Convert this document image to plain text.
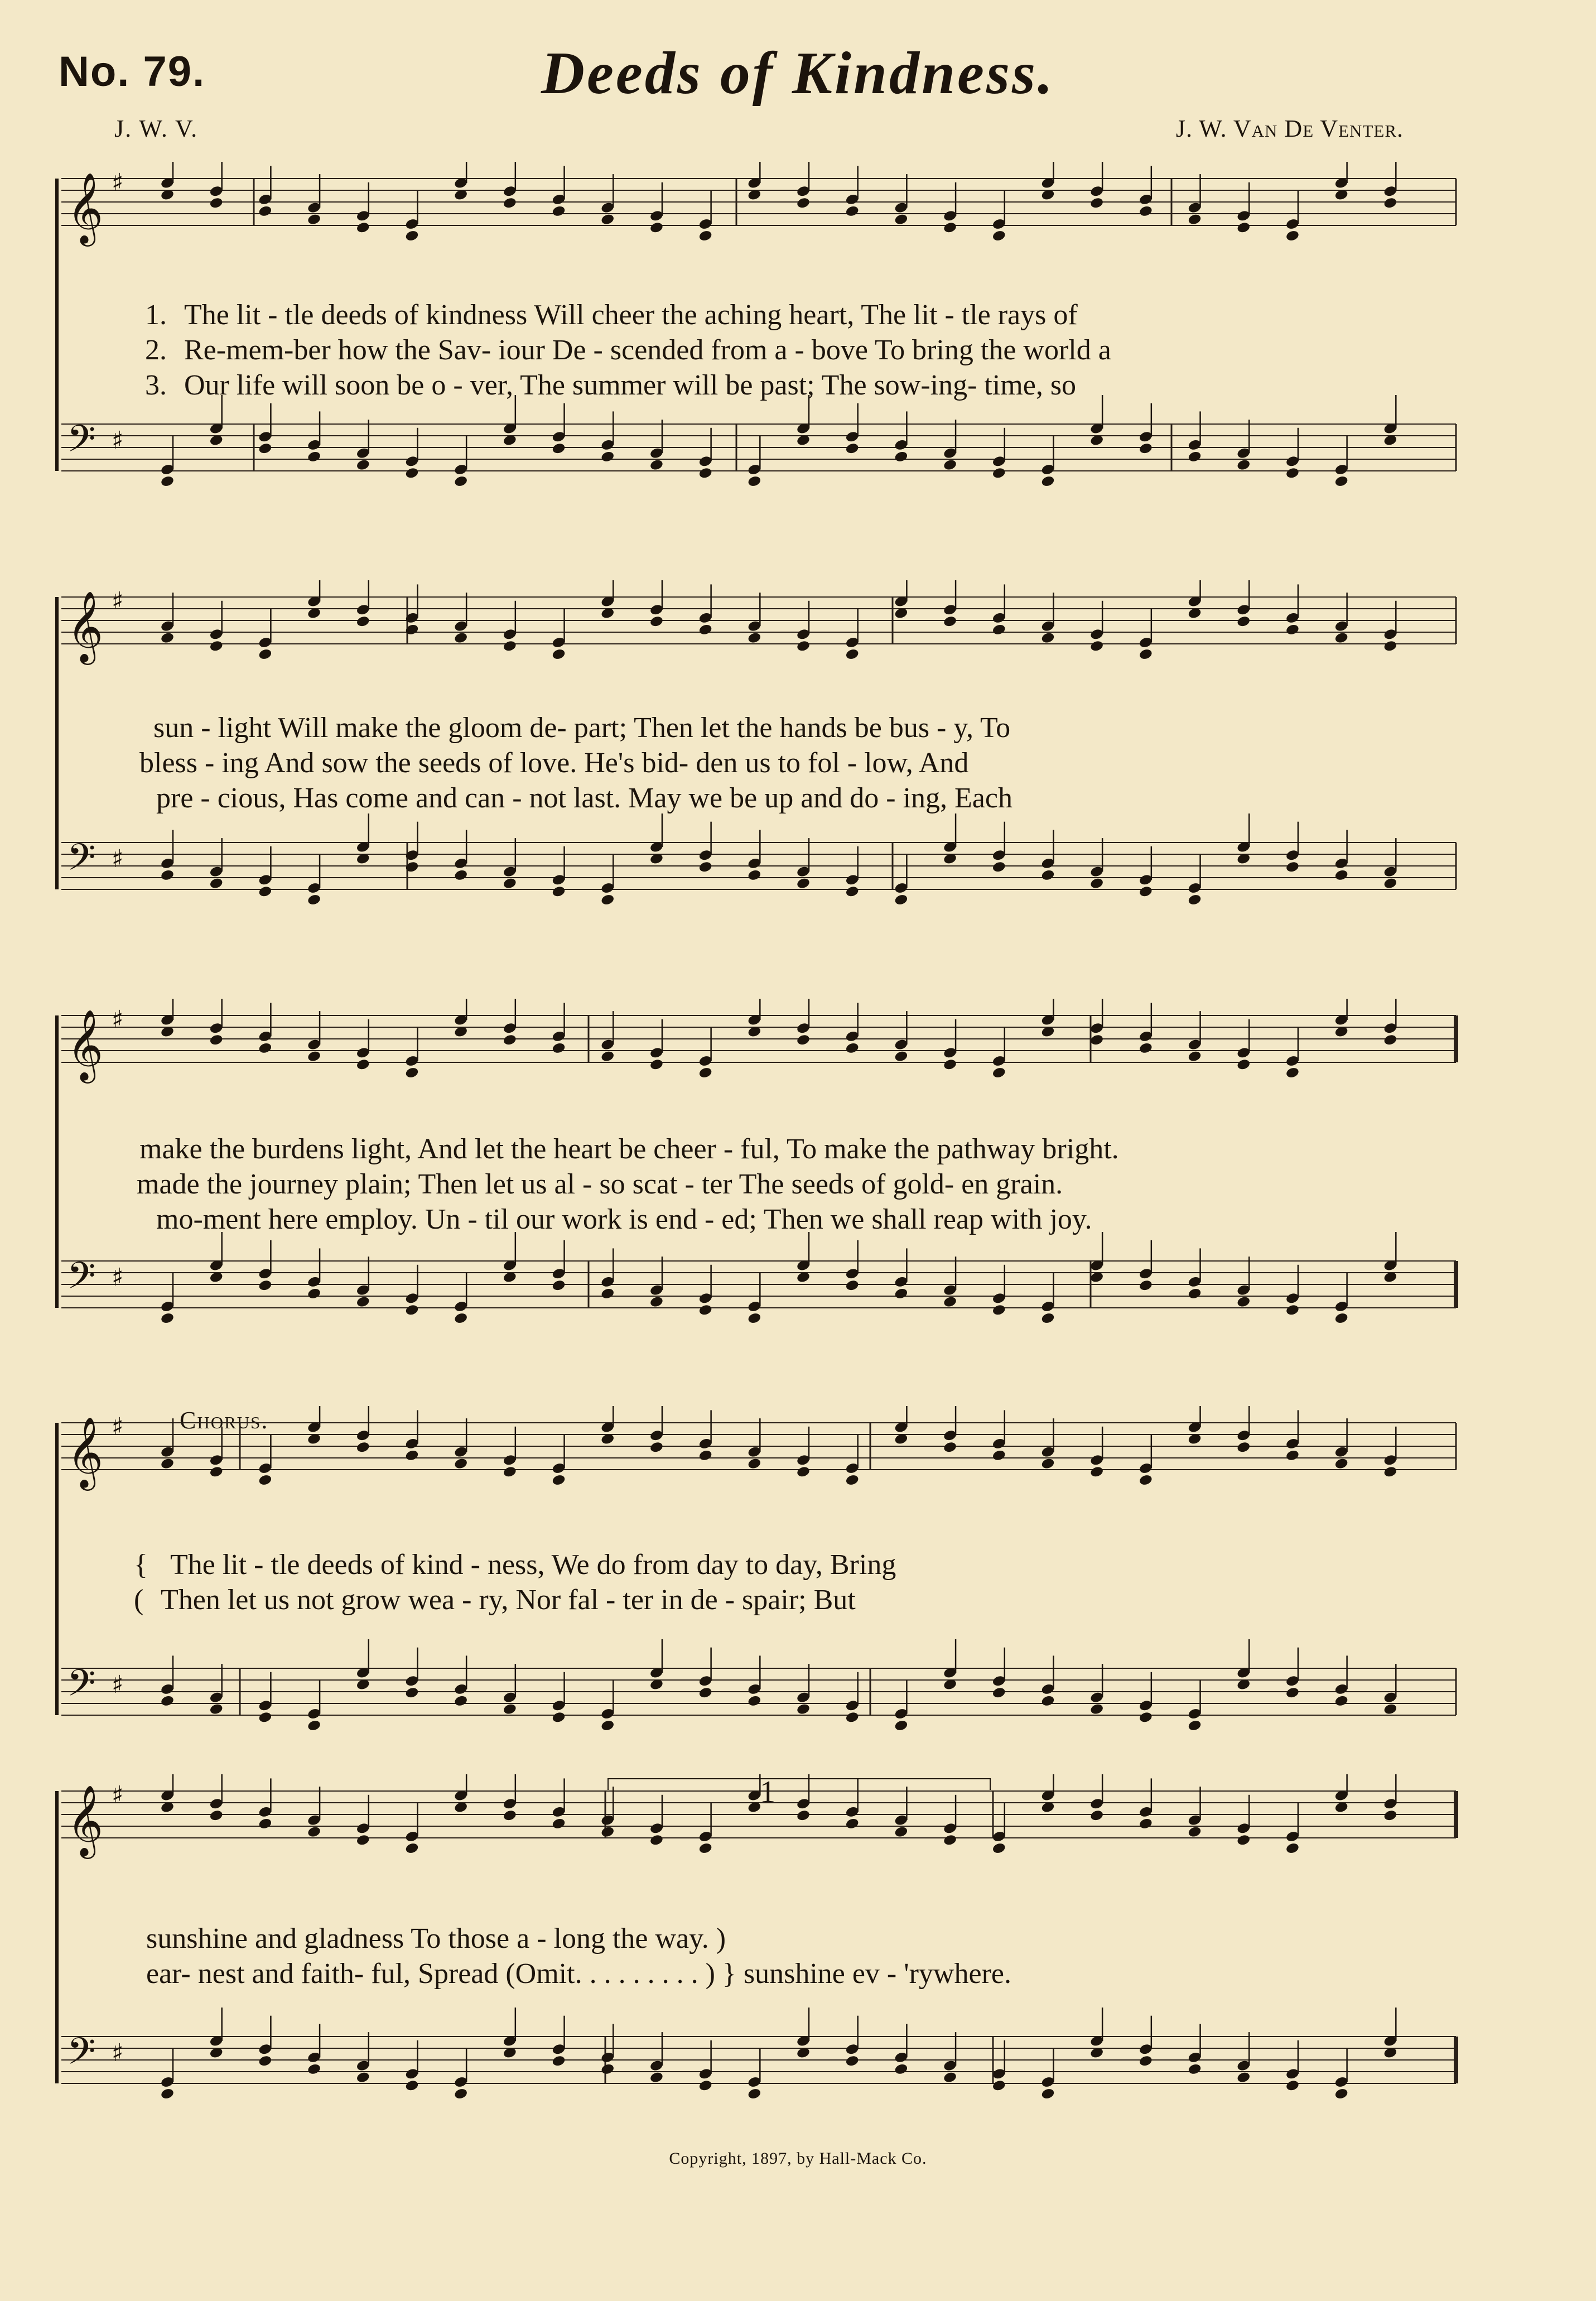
No. 79.	Deeds of Kindness.
J. W. V.	J. W. Van De Venter.
𝄞 ♯
𝄢 ♯
1. The lit - tle deeds of kindness Will cheer the aching heart, The lit - tle rays of
2. Re-mem-ber how the Sav- iour De - scended from a - bove To bring the world a
3. Our life will soon be o - ver, The summer will be past; The sow-ing- time, so
𝄞 ♯
𝄢 ♯
sun - light Will make the gloom de- part; Then let the hands be bus - y, To
bless - ing And sow the seeds of love. He's bid- den us to fol - low, And
pre - cious, Has come and can - not last. May we be up and do - ing, Each
𝄞 ♯
𝄢 ♯
make the burdens light, And let the heart be cheer - ful, To make the pathway bright.
made the journey plain; Then let us al - so scat - ter The seeds of gold- en grain.
mo-ment here employ. Un - til our work is end - ed; Then we shall reap with joy.
Chorus.
𝄞 ♯
𝄢 ♯
{ The lit - tle deeds of kind - ness, We do from day to day, Bring
( Then let us not grow wea - ry, Nor fal - ter in de - spair; But
𝄞 ♯
𝄢 ♯
1
sunshine and gladness To those a - long the way. )
ear- nest and faith- ful, Spread (Omit. . . . . . . . . ) } sunshine ev - 'rywhere.
Copyright, 1897, by Hall-Mack Co.
